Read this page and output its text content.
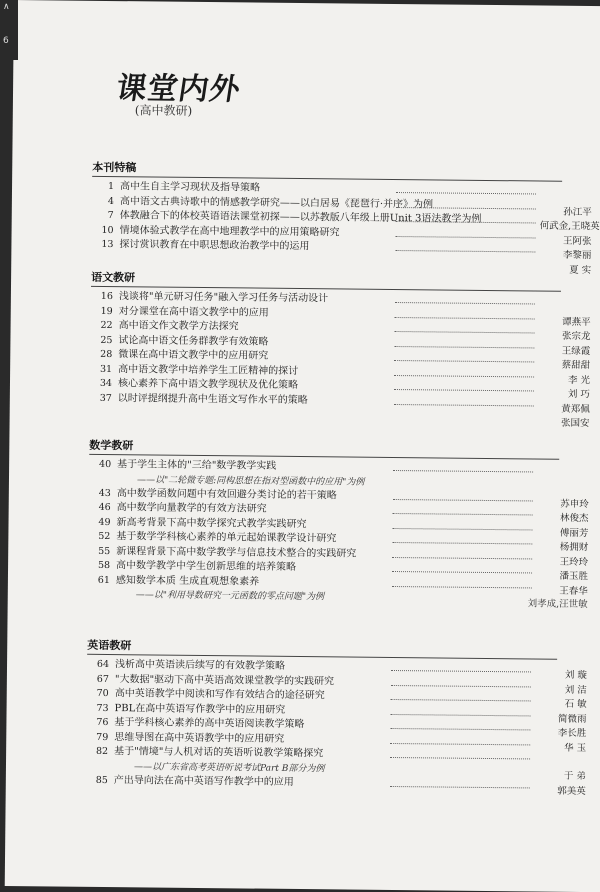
课堂内外
(高中教研)
本刊特稿
1 高中生自主学习现状及指导策略
4 高中语文古典诗歌中的情感教学研究——以白居易《琵琶行·并序》为例
孙江平
7 体教融合下的体校英语语法课堂初探——以苏教版八年级上册Unit 3语法教学为例
何武金,王晓英
10 情境体验式教学在高中地理教学中的应用策略研究
王阿张
13 探讨赏识教育在中职思想政治教学中的运用
李黎丽
夏 实
语文教研
16 浅谈将"单元研习任务"融入学习任务与活动设计
19 对分课堂在高中语文教学中的应用
谭燕平
22 高中语文作文教学方法探究
张宗龙
25 试论高中语文任务群教学有效策略
王绿霞
28 微课在高中语文教学中的应用研究
蔡甜甜
31 高中语文教学中培养学生工匠精神的探讨
李 光
34 核心素养下高中语文教学现状及优化策略
刘 巧
37 以时评提纲提升高中生语文写作水平的策略
黄郑佩
张国安
数学教研
40 基于学生主体的"三给"数学教学实践
——以"二轮微专题:同构思想在指对型函数中的应用"为例
43 高中数学函数问题中有效回避分类讨论的若干策略
苏申玲
46 高中数学向量教学的有效方法研究
林俊杰
49 新高考背景下高中数学探究式教学实践研究
傅丽芳
52 基于数学学科核心素养的单元起始课教学设计研究
杨拥财
55 新课程背景下高中数学教学与信息技术整合的实践研究
王玲玲
58 高中数学教学中学生创新思维的培养策略
潘玉胜
61 感知数学本质 生成直观想象素养
王春华
——以"利用导数研究一元函数的零点问题"为例
刘孝成,汪世敏
英语教研
64 浅析高中英语读后续写的有效教学策略
刘 璇
67 "大数据"驱动下高中英语高效课堂教学的实践研究
刘 洁
70 高中英语教学中阅读和写作有效结合的途径研究
石 敏
73 PBL在高中英语写作教学中的应用研究
简微雨
76 基于学科核心素养的高中英语阅读教学策略
李长胜
79 思维导图在高中英语教学中的应用研究
华 玉
82 基于"情境"与人机对话的英语听说教学策略探究
——以广东省高考英语听说考试Part B部分为例
于 弟
85 产出导向法在高中英语写作教学中的应用
郭美英
∧
6
